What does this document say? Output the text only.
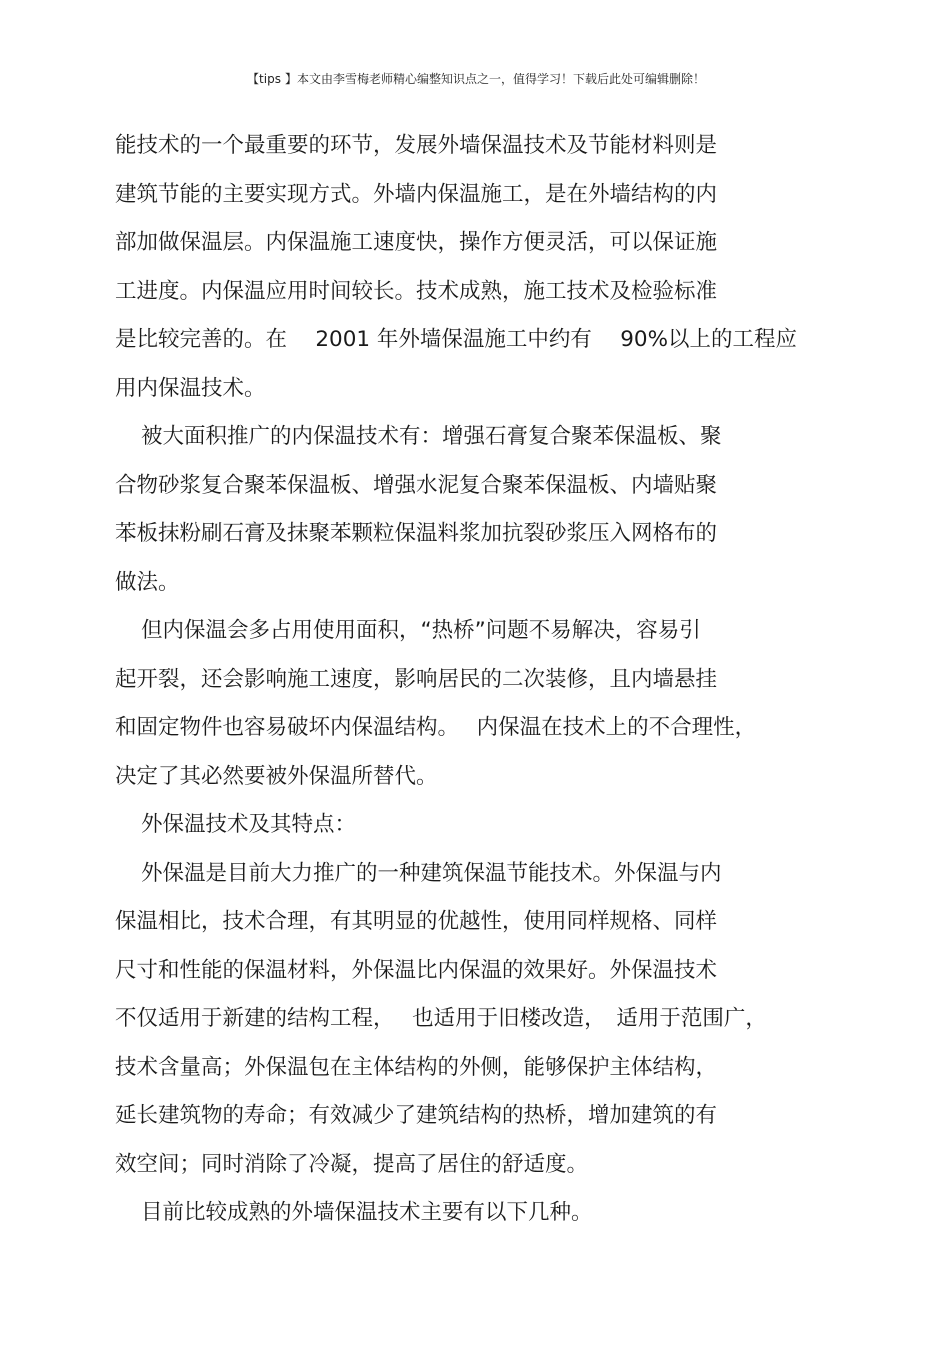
【tips 】本文由李雪梅老师精心编整知识点之一，值得学习！下载后此处可编辑删除！
能技术的一个最重要的环节，发展外墙保温技术及节能材料则是
建筑节能的主要实现方式。外墙内保温施工，是在外墙结构的内
部加做保温层。内保温施工速度快，操作方便灵活，可以保证施
工进度。内保温应用时间较长。技术成熟，施工技术及检验标准
是比较完善的。在　 2001 年外墙保温施工中约有　 90%以上的工程应
用内保温技术。
被大面积推广的内保温技术有：增强石膏复合聚苯保温板、聚
合物砂浆复合聚苯保温板、增强水泥复合聚苯保温板、内墙贴聚
苯板抹粉刷石膏及抹聚苯颗粒保温料浆加抗裂砂浆压入网格布的
做法。
但内保温会多占用使用面积，“热桥”问题不易解决，容易引
起开裂，还会影响施工速度，影响居民的二次装修，且内墙悬挂
和固定物件也容易破坏内保温结构。　 内保温在技术上的不合理性，
决定了其必然要被外保温所替代。
外保温技术及其特点：
外保温是目前大力推广的一种建筑保温节能技术。外保温与内
保温相比，技术合理，有其明显的优越性，使用同样规格、同样
尺寸和性能的保温材料，外保温比内保温的效果好。外保温技术
不仅适用于新建的结构工程，　 也适用于旧楼改造，　适用于范围广，
技术含量高；外保温包在主体结构的外侧，能够保护主体结构，
延长建筑物的寿命；有效减少了建筑结构的热桥，增加建筑的有
效空间；同时消除了冷凝，提高了居住的舒适度。
目前比较成熟的外墙保温技术主要有以下几种。
